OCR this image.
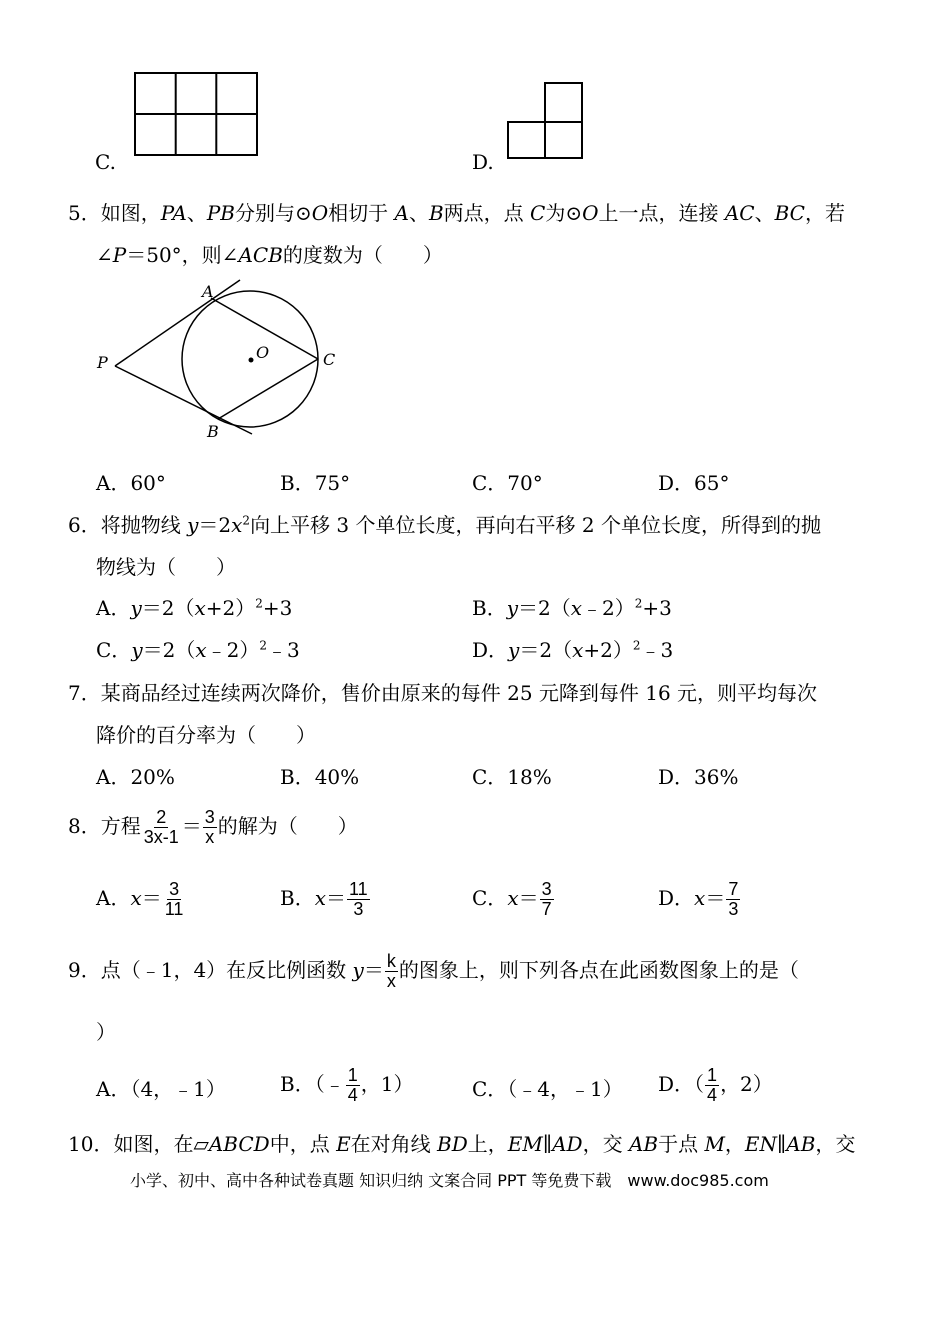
C.	D.
5．如图，PA、PB分别与⊙O相切于 A、B两点，点 C为⊙O上一点，连接 AC、BC，若
∠P＝50°，则∠ACB的度数为（　　）
A
B
C
P
O
A．60°	B．75°	C．70°	D．65°
6．将抛物线 $y=2x^2$向上平移 3 个单位长度，再向右平移 2 个单位长度，所得到的抛
物线为（　　）
A．$y=2(x+2)^2+3$	B．y＝2（x﹣2）$^2$+3
C．y＝2（x﹣2）$^2$﹣3	D．$y=2(x+2)^2﹣3$
7．某商品经过连续两次降价，售价由原来的每件 25 元降到每件 16 元，则平均每次
降价的百分率为（　　）
A．20%	B．40%	C．18%	D．36%
8．方程 $\frac{2}{3x-1} = \frac{3}{x}$ 的解为（　　）
A．$x= \frac{3}{11}$	B．$x= \frac{11}{3}$	C．$x= \frac{3}{7}$	D．$x= \frac{7}{3}$
9．点（﹣1，4）在反比例函数 $y= \frac{k}{x}$ 的图象上，则下列各点在此函数图象上的是（
）
A．（4，﹣1）	B．（﹣ $\frac{1}{4}$ ，1）	C．（﹣4，﹣1） D．（ $\frac{1}{4}$ ，2）
10．如图，在▱ABCD中，点 E在对角线 BD上，EM∥AD，交 AB于点 M，EN∥AB，交
小学、初中、高中各种试卷真题 知识归纳 文案合同 PPT 等免费下载　www.doc985.com
